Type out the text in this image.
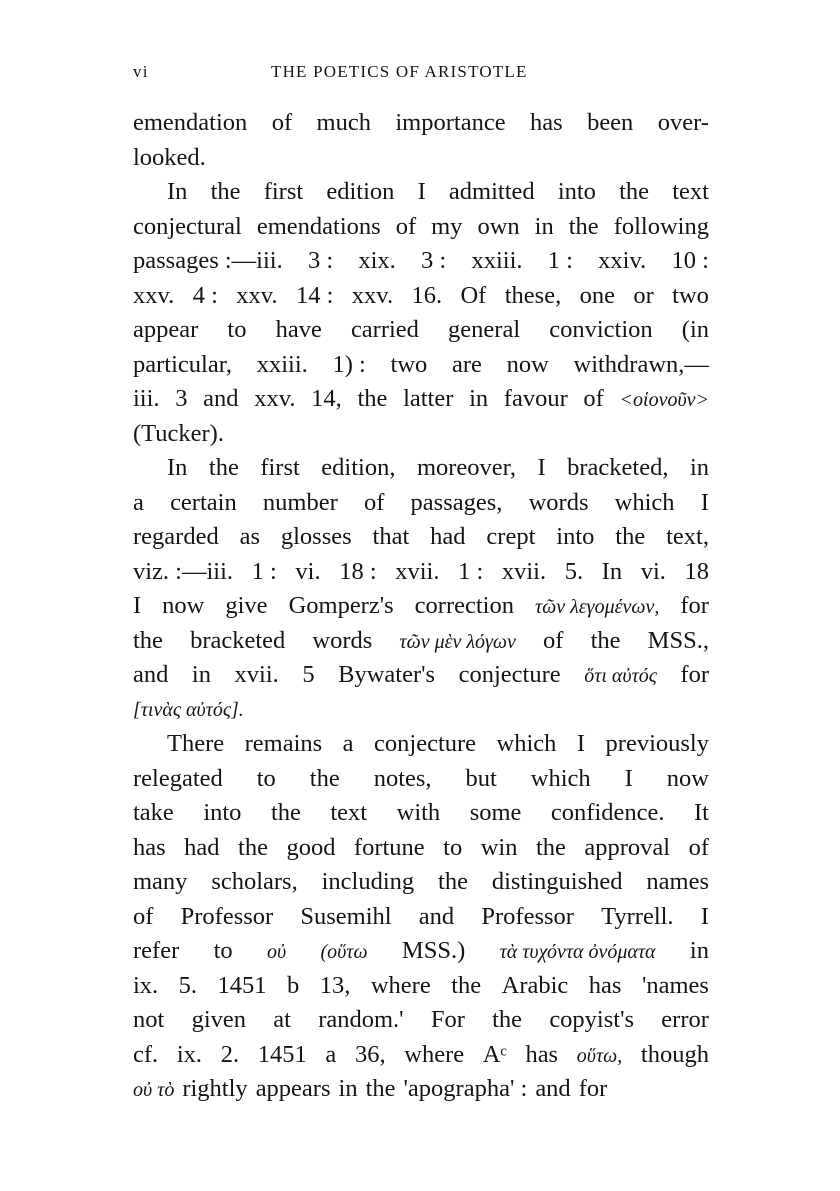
vi	THE POETICS OF ARISTOTLE
emendation of much importance has been over-
looked.
In the first edition I admitted into the text
conjectural emendations of my own in the following
passages :—iii. 3 : xix. 3 : xxiii. 1 : xxiv. 10 :
xxv. 4 : xxv. 14 : xxv. 16. Of these, one or two
appear to have carried general conviction (in
particular, xxiii. 1) : two are now withdrawn,—
iii. 3 and xxv. 14, the latter in favour of <οἱονοῦν>
(Tucker).
In the first edition, moreover, I bracketed, in
a certain number of passages, words which I
regarded as glosses that had crept into the text,
viz. :—iii. 1 : vi. 18 : xvii. 1 : xvii. 5. In vi. 18
I now give Gomperz's correction τῶν λεγομένων, for
the bracketed words τῶν μὲν λόγων of the MSS.,
and in xvii. 5 Bywater's conjecture ὅτι αὐτός for
[τινὰς αὐτός].
There remains a conjecture which I previously
relegated to the notes, but which I now
take into the text with some confidence. It
has had the good fortune to win the approval of
many scholars, including the distinguished names
of Professor Susemihl and Professor Tyrrell. I
refer to οὐ (οὕτω MSS.) τὰ τυχόντα ὀνόματα in
ix. 5. 1451 b 13, where the Arabic has 'names
not given at random.' For the copyist's error
cf. ix. 2. 1451 a 36, where Aᶜ has οὕτω, though
οὐ τὸ rightly appears in the 'apographa' : and for
